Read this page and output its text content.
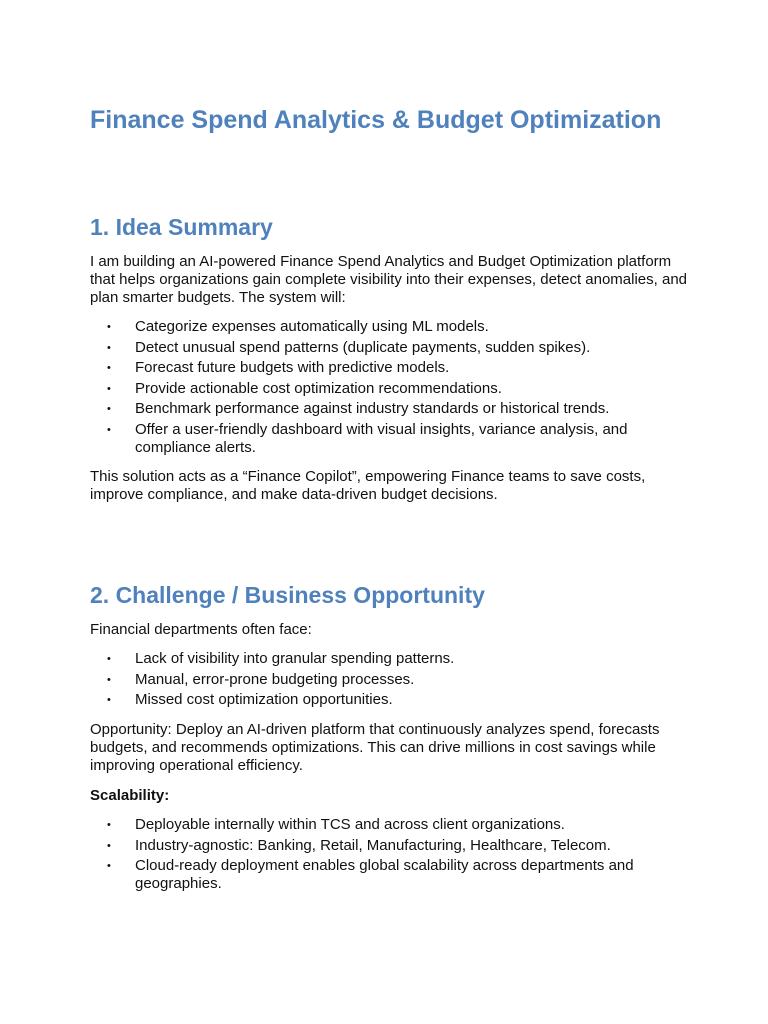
Finance Spend Analytics & Budget Optimization
1. Idea Summary

I am building an AI-powered Finance Spend Analytics and Budget Optimization platform that helps organizations gain complete visibility into their expenses, detect anomalies, and plan smarter budgets. The system will:

• Categorize expenses automatically using ML models.
• Detect unusual spend patterns (duplicate payments, sudden spikes).
• Forecast future budgets with predictive models.
• Provide actionable cost optimization recommendations.
• Benchmark performance against industry standards or historical trends.
• Offer a user-friendly dashboard with visual insights, variance analysis, and compliance alerts.

This solution acts as a “Finance Copilot”, empowering Finance teams to save costs, improve compliance, and make data-driven budget decisions.

2. Challenge / Business Opportunity

Financial departments often face:

• Lack of visibility into granular spending patterns.
• Manual, error-prone budgeting processes.
• Missed cost optimization opportunities.

Opportunity: Deploy an AI-driven platform that continuously analyzes spend, forecasts budgets, and recommends optimizations. This can drive millions in cost savings while improving operational efficiency.

Scalability:

• Deployable internally within TCS and across client organizations.
• Industry-agnostic: Banking, Retail, Manufacturing, Healthcare, Telecom.
• Cloud-ready deployment enables global scalability across departments and geographies.
